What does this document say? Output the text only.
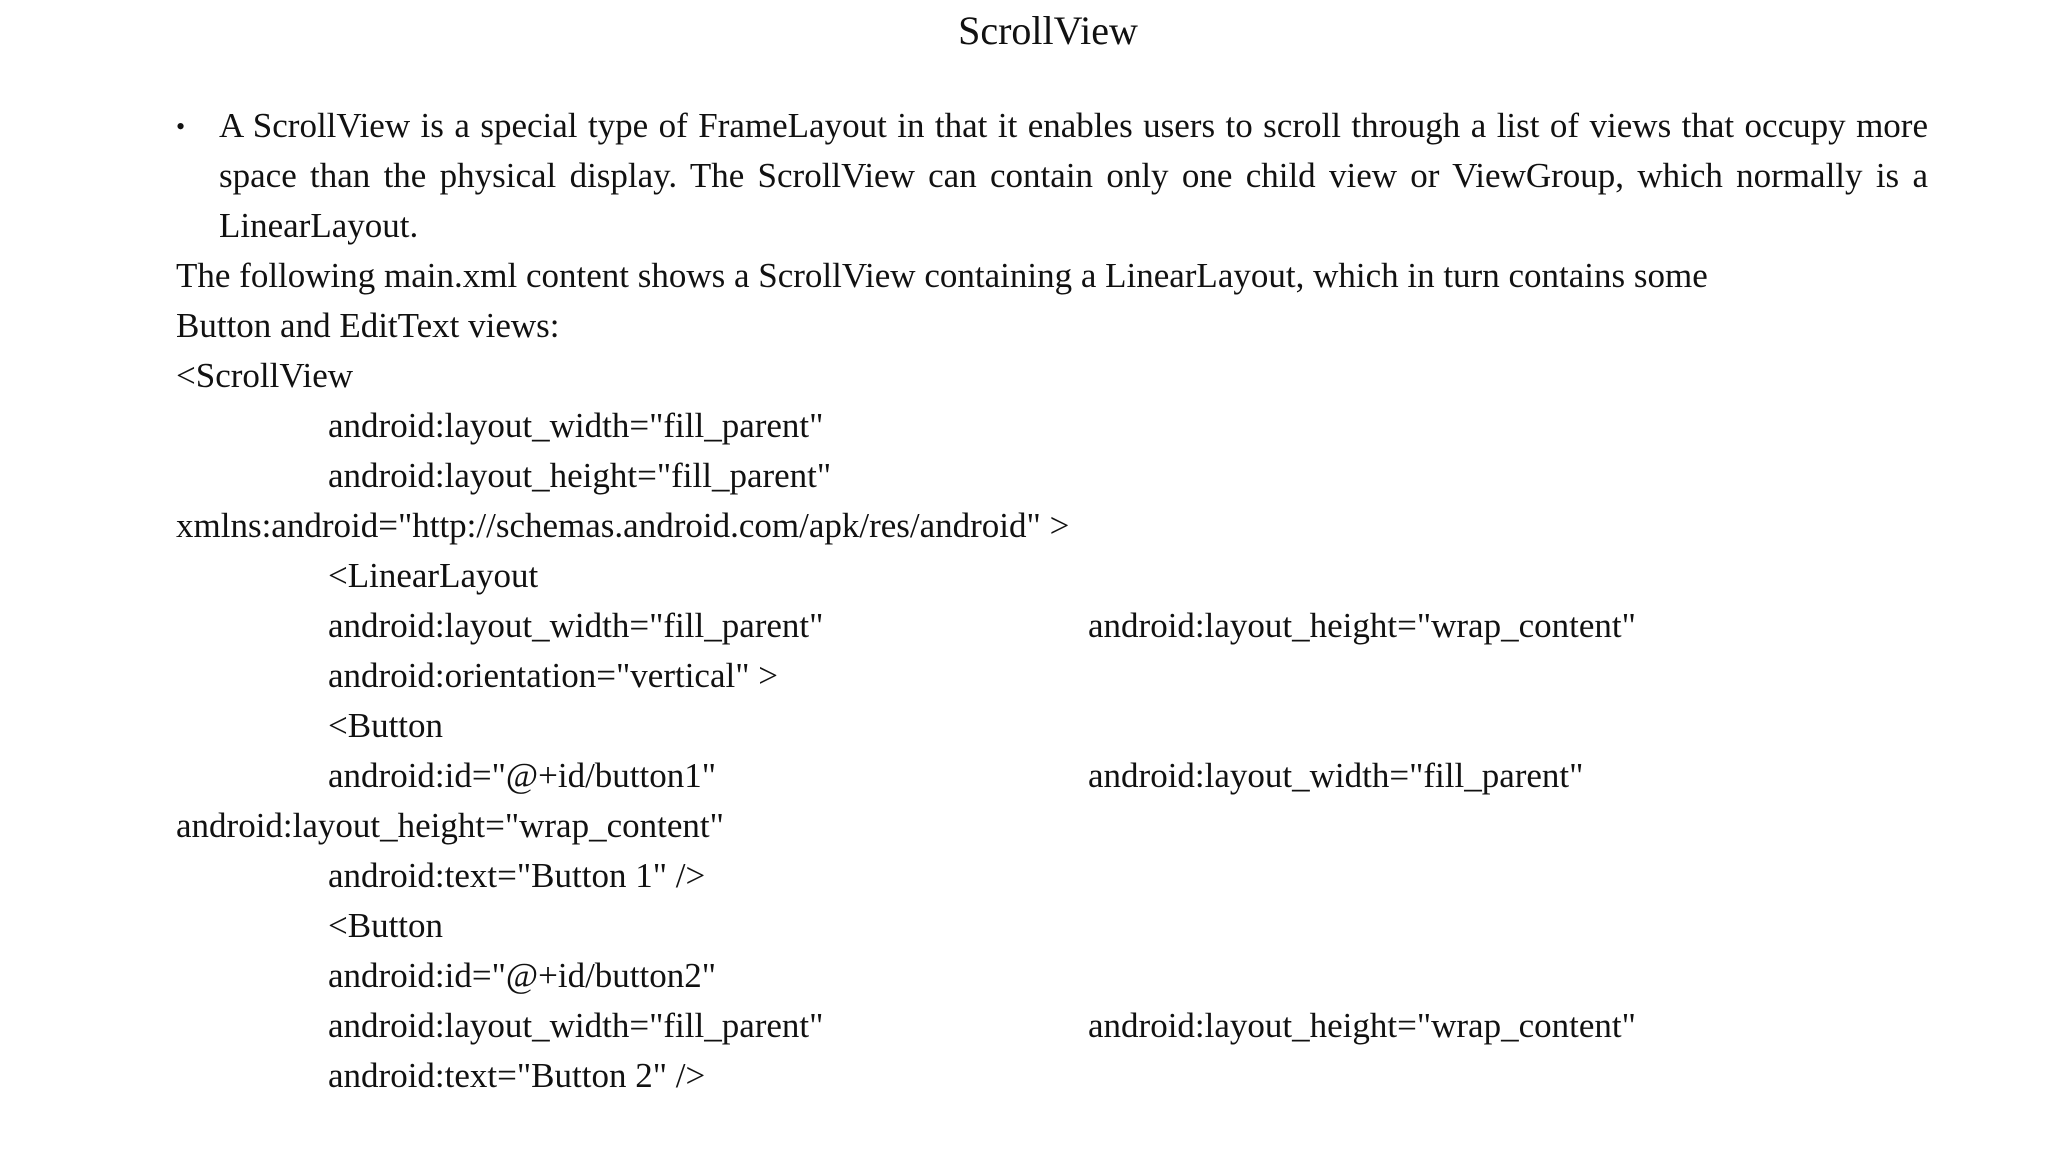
ScrollView
• A ScrollView is a special type of FrameLayout in that it enables users to scroll through a list of views that occupy more space than the physical display. The ScrollView can contain only one child view or ViewGroup, which normally is a LinearLayout.
The following main.xml content shows a ScrollView containing a LinearLayout, which in turn contains some
Button and EditText views:
<ScrollView
android:layout_width="fill_parent"
android:layout_height="fill_parent"
xmlns:android="http://schemas.android.com/apk/res/android" >
<LinearLayout
android:layout_width="fill_parent"	android:layout_height="wrap_content"
android:orientation="vertical" >
<Button
android:id="@+id/button1"	android:layout_width="fill_parent"
android:layout_height="wrap_content"
android:text="Button 1" />
<Button
android:id="@+id/button2"
android:layout_width="fill_parent"	android:layout_height="wrap_content"
android:text="Button 2" />
